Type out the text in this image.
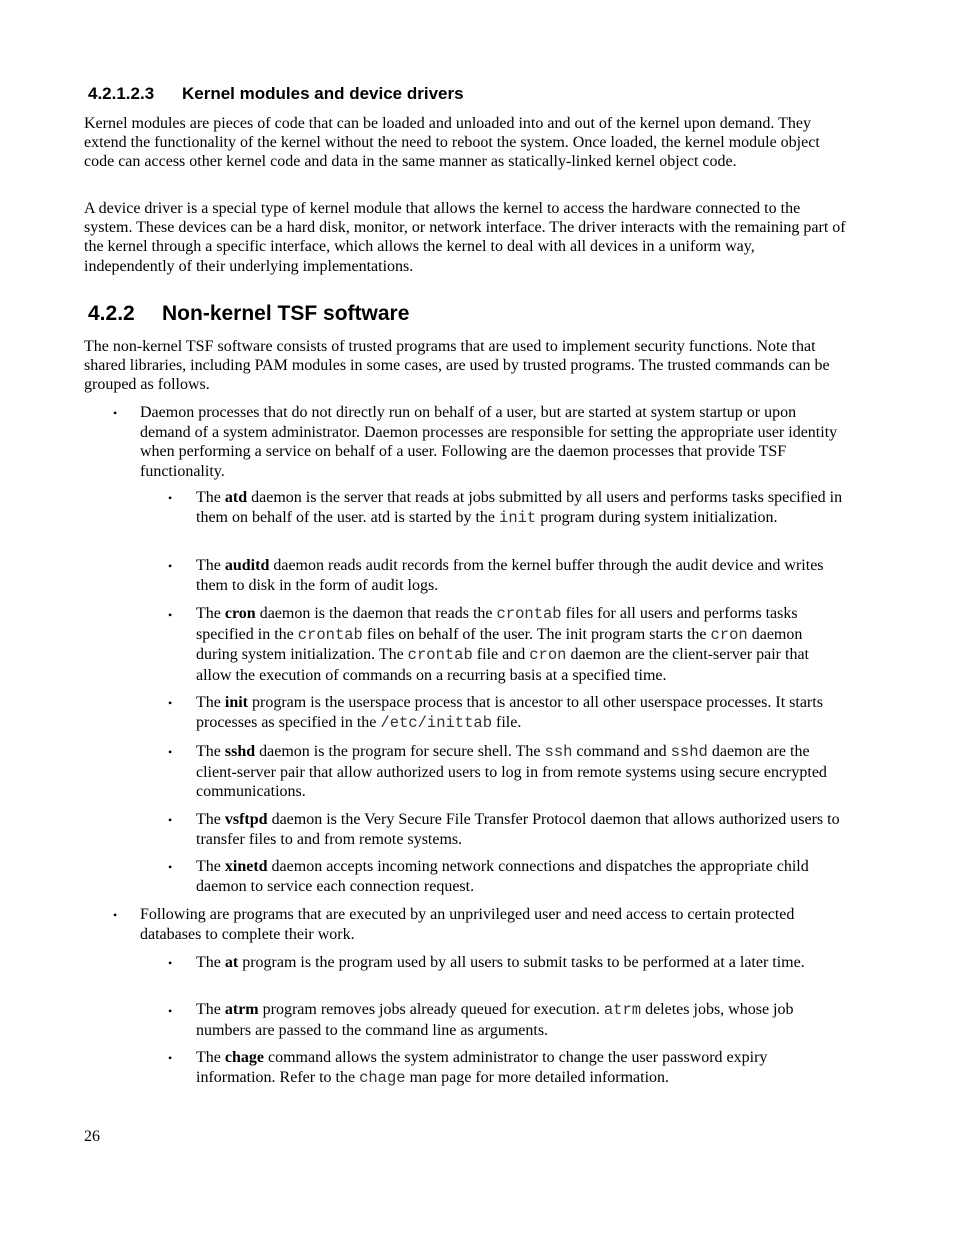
4.2.1.2.3 Kernel modules and device drivers

Kernel modules are pieces of code that can be loaded and unloaded into and out of the kernel upon demand. They extend the functionality of the kernel without the need to reboot the system. Once loaded, the kernel module object code can access other kernel code and data in the same manner as statically-linked kernel object code.

A device driver is a special type of kernel module that allows the kernel to access the hardware connected to the system. These devices can be a hard disk, monitor, or network interface. The driver interacts with the remaining part of the kernel through a specific interface, which allows the kernel to deal with all devices in a uniform way, independently of their underlying implementations.

4.2.2 Non-kernel TSF software

The non-kernel TSF software consists of trusted programs that are used to implement security functions. Note that shared libraries, including PAM modules in some cases, are used by trusted programs. The trusted commands can be grouped as follows.

• Daemon processes that do not directly run on behalf of a user, but are started at system startup or upon demand of a system administrator. Daemon processes are responsible for setting the appropriate user identity when performing a service on behalf of a user. Following are the daemon processes that provide TSF functionality.

• The atd daemon is the server that reads at jobs submitted by all users and performs tasks specified in them on behalf of the user. atd is started by the init program during system initialization.

• The auditd daemon reads audit records from the kernel buffer through the audit device and writes them to disk in the form of audit logs.

• The cron daemon is the daemon that reads the crontab files for all users and performs tasks specified in the crontab files on behalf of the user. The init program starts the cron daemon during system initialization. The crontab file and cron daemon are the client-server pair that allow the execution of commands on a recurring basis at a specified time.

• The init program is the userspace process that is ancestor to all other userspace processes. It starts processes as specified in the /etc/inittab file.

• The sshd daemon is the program for secure shell. The ssh command and sshd daemon are the client-server pair that allow authorized users to log in from remote systems using secure encrypted communications.

• The vsftpd daemon is the Very Secure File Transfer Protocol daemon that allows authorized users to transfer files to and from remote systems.

• The xinetd daemon accepts incoming network connections and dispatches the appropriate child daemon to service each connection request.

• Following are programs that are executed by an unprivileged user and need access to certain protected databases to complete their work.

• The at program is the program used by all users to submit tasks to be performed at a later time.

• The atrm program removes jobs already queued for execution. atrm deletes jobs, whose job numbers are passed to the command line as arguments.

• The chage command allows the system administrator to change the user password expiry information. Refer to the chage man page for more detailed information.

26
